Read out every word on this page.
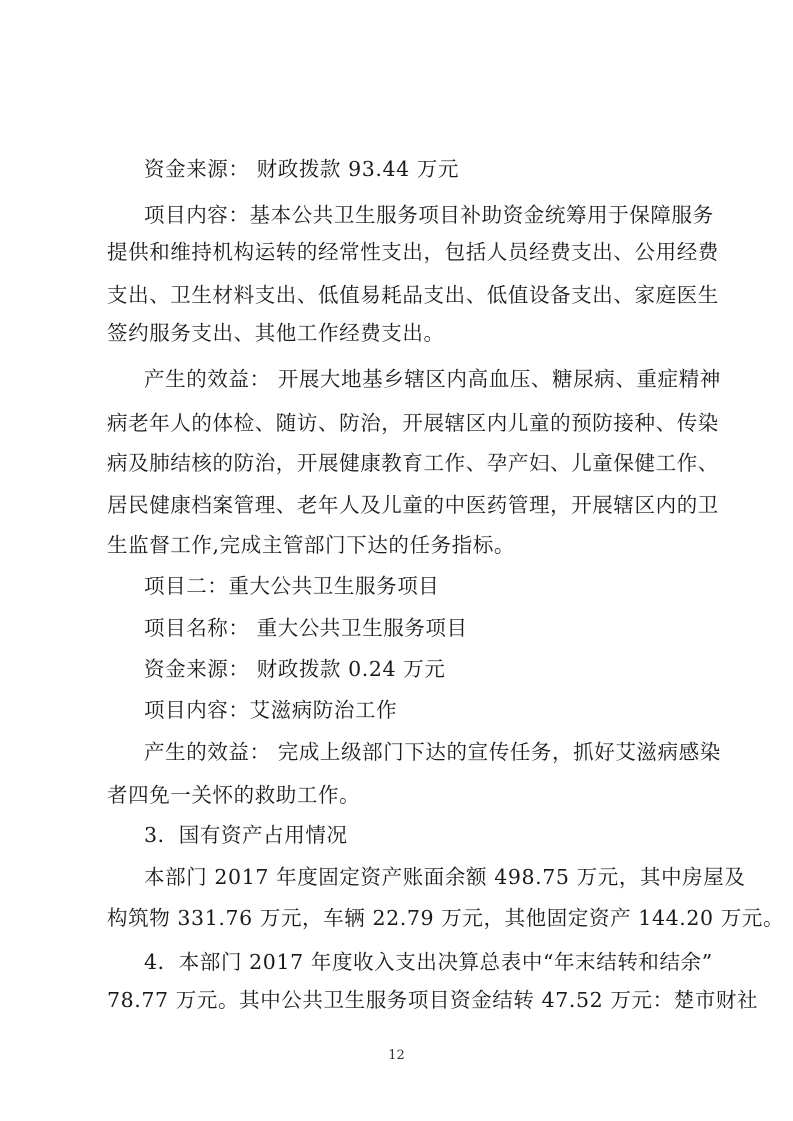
资金来源： 财政拨款 93.44 万元
项目内容：基本公共卫生服务项目补助资金统筹用于保障服务
提供和维持机构运转的经常性支出，包括人员经费支出、公用经费
支出、卫生材料支出、低值易耗品支出、低值设备支出、家庭医生
签约服务支出、其他工作经费支出。
产生的效益： 开展大地基乡辖区内高血压、糖尿病、重症精神
病老年人的体检、随访、防治，开展辖区内儿童的预防接种、传染
病及肺结核的防治，开展健康教育工作、孕产妇、儿童保健工作、
居民健康档案管理、老年人及儿童的中医药管理，开展辖区内的卫
生监督工作,完成主管部门下达的任务指标。
项目二：重大公共卫生服务项目
项目名称： 重大公共卫生服务项目
资金来源： 财政拨款 0.24 万元
项目内容：艾滋病防治工作
产生的效益： 完成上级部门下达的宣传任务，抓好艾滋病感染
者四免一关怀的救助工作。
3．国有资产占用情况
本部门 2017 年度固定资产账面余额 498.75 万元，其中房屋及
构筑物 331.76 万元，车辆 22.79 万元，其他固定资产 144.20 万元。
4．本部门 2017 年度收入支出决算总表中“年末结转和结余”
78.77 万元。其中公共卫生服务项目资金结转 47.52 万元：楚市财社
12
